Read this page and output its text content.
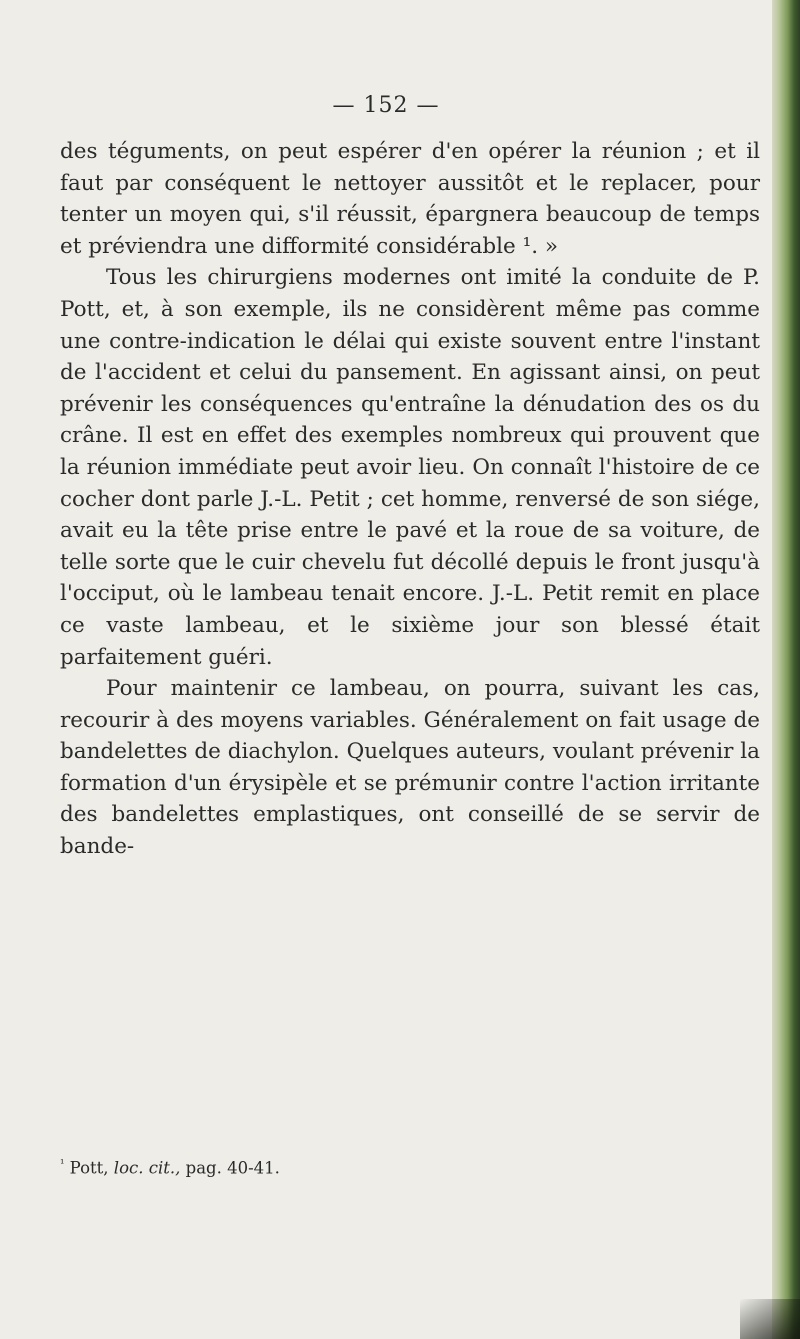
— 152 —

des téguments, on peut espérer d'en opérer la réunion ; et il faut par conséquent le nettoyer aussitôt et le replacer, pour tenter un moyen qui, s'il réussit, épargnera beaucoup de temps et préviendra une difformité considérable ¹. »

Tous les chirurgiens modernes ont imité la conduite de P. Pott, et, à son exemple, ils ne considèrent même pas comme une contre-indication le délai qui existe souvent entre l'instant de l'accident et celui du pansement. En agissant ainsi, on peut prévenir les conséquences qu'entraîne la dénudation des os du crâne. Il est en effet des exemples nombreux qui prouvent que la réunion immédiate peut avoir lieu. On connaît l'histoire de ce cocher dont parle J.-L. Petit ; cet homme, renversé de son siége, avait eu la tête prise entre le pavé et la roue de sa voiture, de telle sorte que le cuir chevelu fut décollé depuis le front jusqu'à l'occiput, où le lambeau tenait encore. J.-L. Petit remit en place ce vaste lambeau, et le sixième jour son blessé était parfaitement guéri.

Pour maintenir ce lambeau, on pourra, suivant les cas, recourir à des moyens variables. Généralement on fait usage de bandelettes de diachylon. Quelques auteurs, voulant prévenir la formation d'un érysipèle et se prémunir contre l'action irritante des bandelettes emplastiques, ont conseillé de se servir de bande-

$^{^1}$ Pott, loc. cit., pag. 40-41.
